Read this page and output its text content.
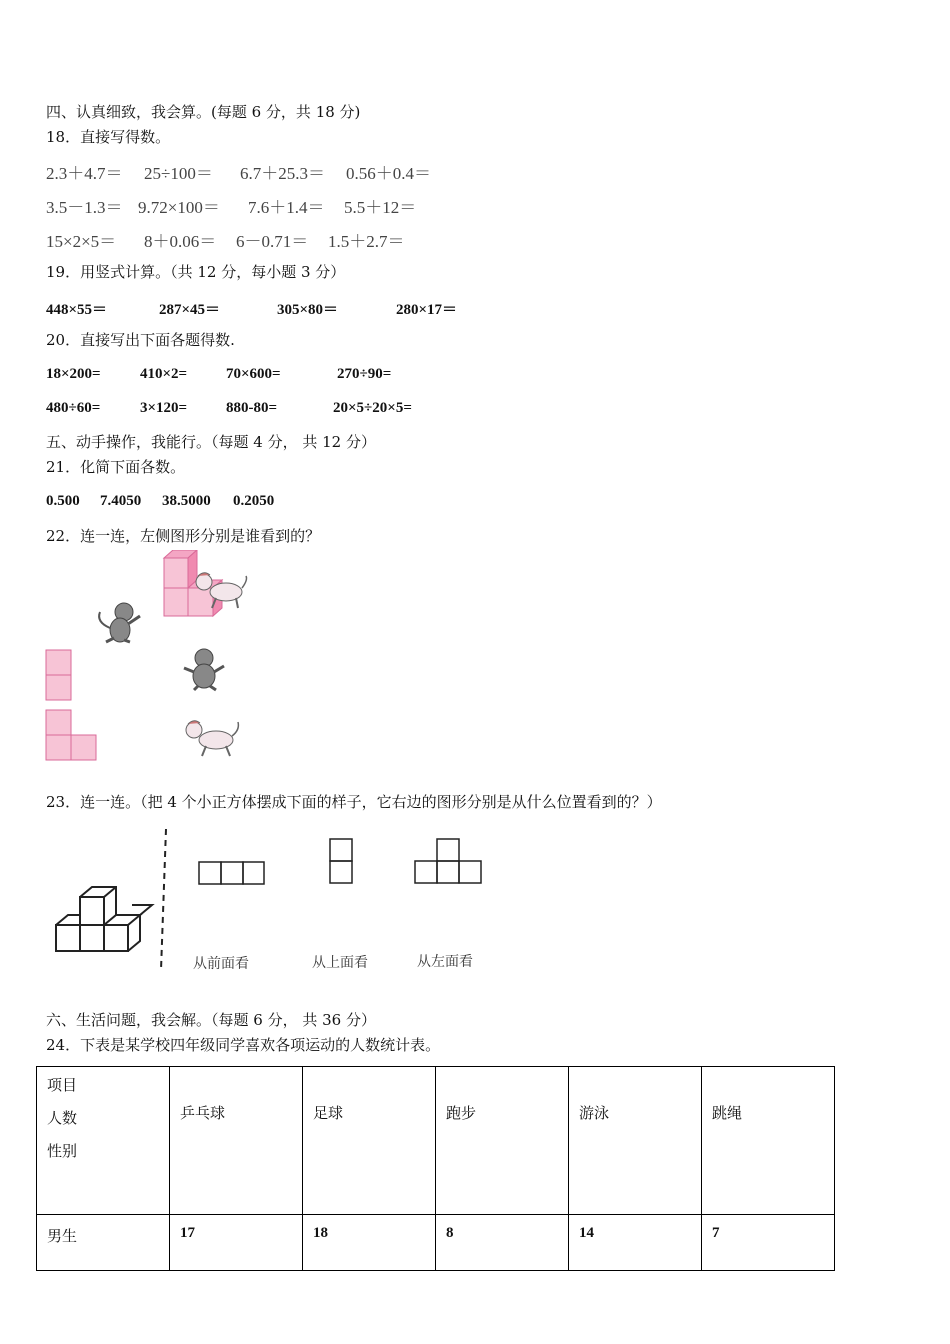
四、认真细致，我会算。(每题 6 分，共 18 分)
18．直接写得数。
2.3＋4.7＝ 25÷100＝ 6.7＋25.3＝ 0.56＋0.4＝
3.5－1.3＝ 9.72×100＝ 7.6＋1.4＝ 5.5＋12＝
15×2×5＝ 8＋0.06＝ 6－0.71＝ 1.5＋2.7＝
19．用竖式计算。（共 12 分，每小题 3 分）
448×55＝	287×45＝	305×80＝	280×17＝
20．直接写出下面各题得数.
18×200=	410×2=	70×600=	270÷90=
480÷60=	3×120=	880-80=	20×5÷20×5=
五、动手操作，我能行。（每题 4 分， 共 12 分）
21．化简下面各数。
0.500 7.4050 38.5000 0.2050
22．连一连，左侧图形分别是谁看到的？
23．连一连。（把 4 个小正方体摆成下面的样子，它右边的图形分别是从什么位置看到的？）
从前面看	从上面看	从左面看
六、生活问题，我会解。（每题 6 分， 共 36 分）
24．下表是某学校四年级同学喜欢各项运动的人数统计表。
项目
人数
性别	乒乓球	足球	跑步	游泳	跳绳
男生	17	18	8	14	7
